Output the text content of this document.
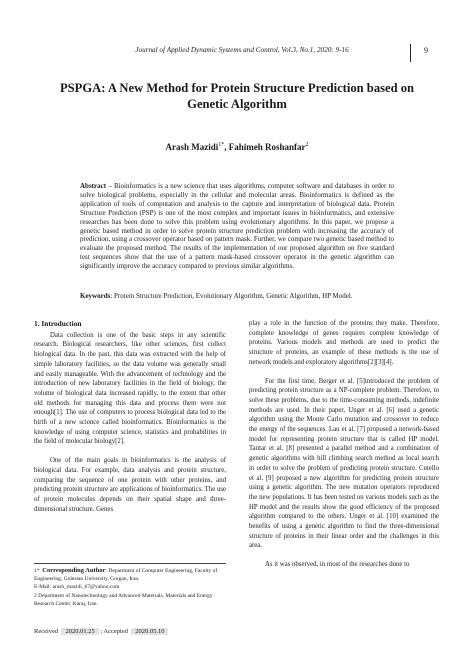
Journal of Applied Dynamic Systems and Control, Vol.3, No.1, 2020: 9-16	9
PSPGA: A New Method for Protein Structure Prediction based on Genetic Algorithm
Arash Mazidi$^{1*}$, Fahimeh Roshanfar$^2$
Abstract – Bioinformatics is a new science that uses algorithms, computer software and databases in order to solve biological problems, especially in the cellular and molecular areas. Bioinformatics is defined as the application of tools of computation and analysis to the capture and interpretation of biological data. Protein Structure Prediction (PSP) is one of the most complex and important issues in bioinformatics, and extensive researches has been done to solve this problem using evolutionary algorithms. In this paper, we propose a genetic based method in order to solve protein structure prediction problem with increasing the accuracy of prediction, using a crossover operator based on pattern mask. Further, we compare two genetic based method to evaluate the proposed method. The results of the implementation of our proposed algorithm on five standard test sequences show that the use of a pattern mask-based crossover operator in the genetic algorithm can significantly improve the accuracy compared to previous similar algorithms.
Keywords: Protein Structure Prediction, Evolutionary Algorithm, Genetic Algorithm, HP Model.
1. Introduction

Data collection is one of the basic steps in any scientific research. Biological researchers, like other sciences, first collect biological data. In the past, this data was extracted with the help of simple laboratory facilities, so the data volume was generally small and easily manageable. With the advancement of technology and the introduction of new laboratory facilities in the field of biology, the volume of biological data increased rapidly, to the extent that other old methods for managing this data and process them were not enough[1]. The use of computers to process biological data led to the birth of a new science called bioinformatics. Bioinformatics is the knowledge of using computer science, statistics and probabilities in the field of molecular biology[2].

One of the main goals in bioinformatics is the analysis of biological data. For example, data analysis and protein structure, comparing the sequence of one protein with other proteins, and predicting protein structure are applications of bioinformatics. The use of protein molecules depends on their spatial shape and three-dimensional structure. Genes

play a role in the function of the proteins they make. Therefore, complete knowledge of genes requires complete knowledge of proteins. Various models and methods are used to predict the structure of proteins, an example of these methods is the use of network models and exploratory algorithms[2][3][4].

For the first time, Berger et al. [5]introduced the problem of predicting protein structure as a NP-complete problem. Therefore, to solve these problems, due to the time-consuming methods, indefinite methods are used. In their paper, Unger et al. [6] used a genetic algorithm using the Monte Carlo mutation and crossover to reduce the energy of the sequences. Lau et al. [7] proposed a network-based model for representing protein structure that is called HP model. Tantar et al. [8] presented a parallel method and a combination of genetic algorithms with hill climbing search method as local search in order to solve the problem of predicting protein structure. Cutello et al. [9] proposed a new algorithm for predicting protein structure using a genetic algorithm. The new mutation operators reproduced the new populations. It has been tested on various models such as the HP model and the results show the good efficiency of the proposed algorithm compared to the others. Unger et al. [10] examined the benefits of using a genetic algorithm to find the three-dimensional structure of proteins in their linear order and the challenges in this area.

As it was observed, in most of the researches done to

1* Corresponding Author: Department of Computer Engineering, Faculty of Engineering, Golestan University, Gorgan, Iran.
E-Mail: arash_mazidi_67@yahoo.com
2 Department of Nanotechnology and Advanced Materials, Materials and Energy Research Center, Karaj, Iran.
Received 2020.01.25 ; Accepted 2020.05.10
